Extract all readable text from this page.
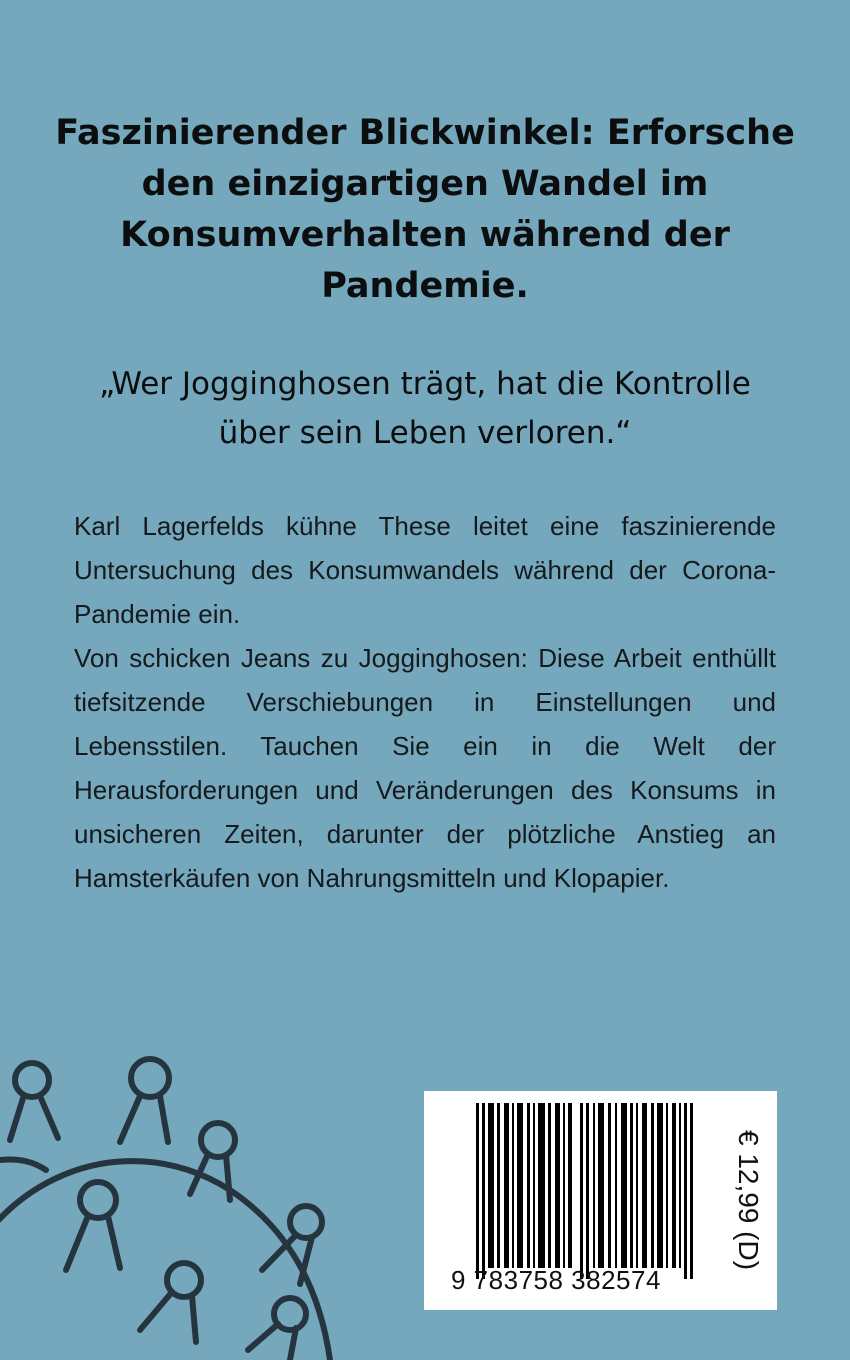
Faszinierender Blickwinkel: Erforsche
den einzigartigen Wandel im
Konsumverhalten während der
Pandemie.
„Wer Jogginghosen trägt, hat die Kontrolle
über sein Leben verloren.“

Karl Lagerfelds kühne These leitet eine faszinierende Untersuchung des Konsumwandels während der Corona-Pandemie ein.

Von schicken Jeans zu Jogginghosen: Diese Arbeit enthüllt tiefsitzende Verschiebungen in Einstellungen und Lebensstilen. Tauchen Sie ein in die Welt der Herausforderungen und Veränderungen des Konsums in unsicheren Zeiten, darunter der plötzliche Anstieg an Hamsterkäufen von Nahrungsmitteln und Klopapier.

9 783758 382574
€ 12,99 (D)
